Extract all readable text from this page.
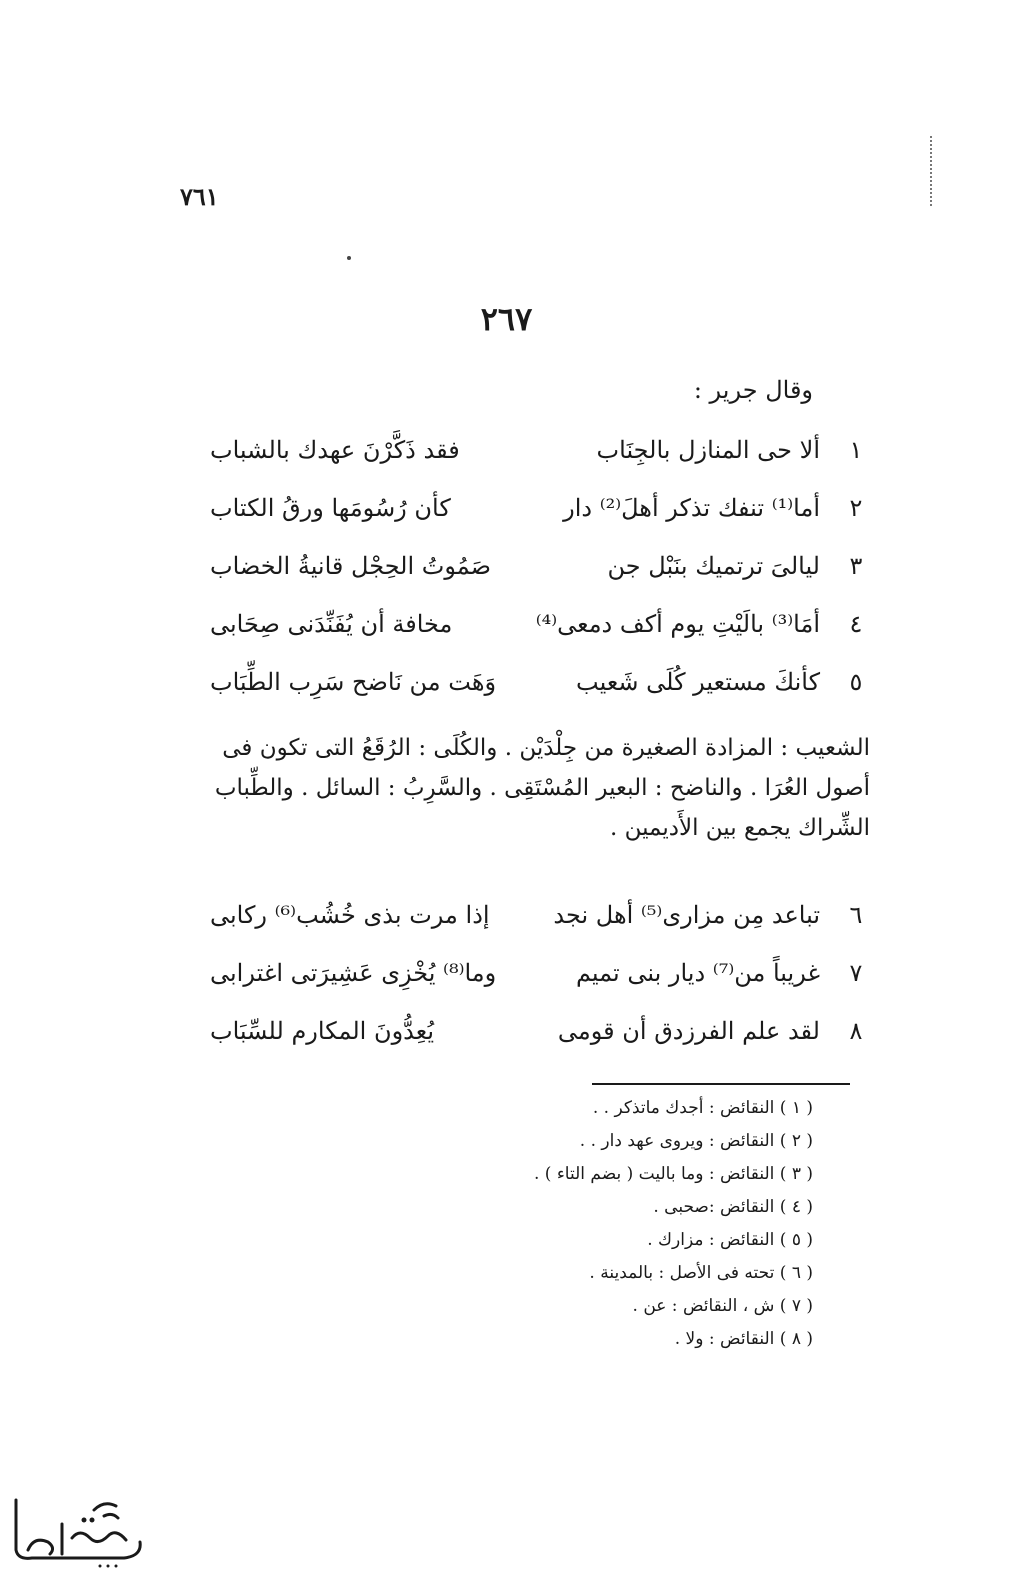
٧٦١
٢٦٧
وقال جرير :
١
ألا حى المنازل بالجِنَاب
فقد ذَكَّرْنَ عهدك بالشباب
٢
أما⁽¹⁾ تنفك تذكر أهلَ⁽²⁾ دار
كأن رُسُومَها ورقُ الكتاب
٣
ليالىَ ترتميك بنَبْل جن
صَمُوتُ الحِجْل قانيةُ الخضاب
٤
أمَا⁽³⁾ بالَيْتِ يوم أكف دمعى⁽⁴⁾
مخافة أن يُفَنِّدَنى صِحَابى
٥
كأنكَ مستعير كُلَى شَعيب
وَهَت من نَاضح سَرِب الطِّبَاب

الشعيب : المزادة الصغيرة من جِلْدَيْن . والكُلَى : الرُقَعُ التى تكون فى

أصول العُرَا . والناضح : البعير المُسْتَقِى . والسَّرِبُ : السائل . والطِّباب

الشِّراك يجمع بين الأَديمين .

٦
تباعد مِن مزارى⁽⁵⁾ أهل نجد
إذا مرت بذى خُشُب⁽⁶⁾ ركابى
٧
غريباً من⁽⁷⁾ ديار بنى تميم
وما⁽⁸⁾ يُخْزِى عَشِيرَتى اغترابى
٨
لقد علم الفرزدق أن قومى
يُعِدُّونَ المكارم للسِّبَاب
( ١ ) النقائض : أجدك ماتذكر . .
( ٢ ) النقائض : ويروى عهد دار . .
( ٣ ) النقائض : وما باليت ( بضم التاء ) .
( ٤ ) النقائض :صحبى .
( ٥ ) النقائض : مزارك .
( ٦ ) تحته فى الأصل : بالمدينة .
( ٧ ) ش ، النقائض : عن .
( ٨ ) النقائض : ولا .
